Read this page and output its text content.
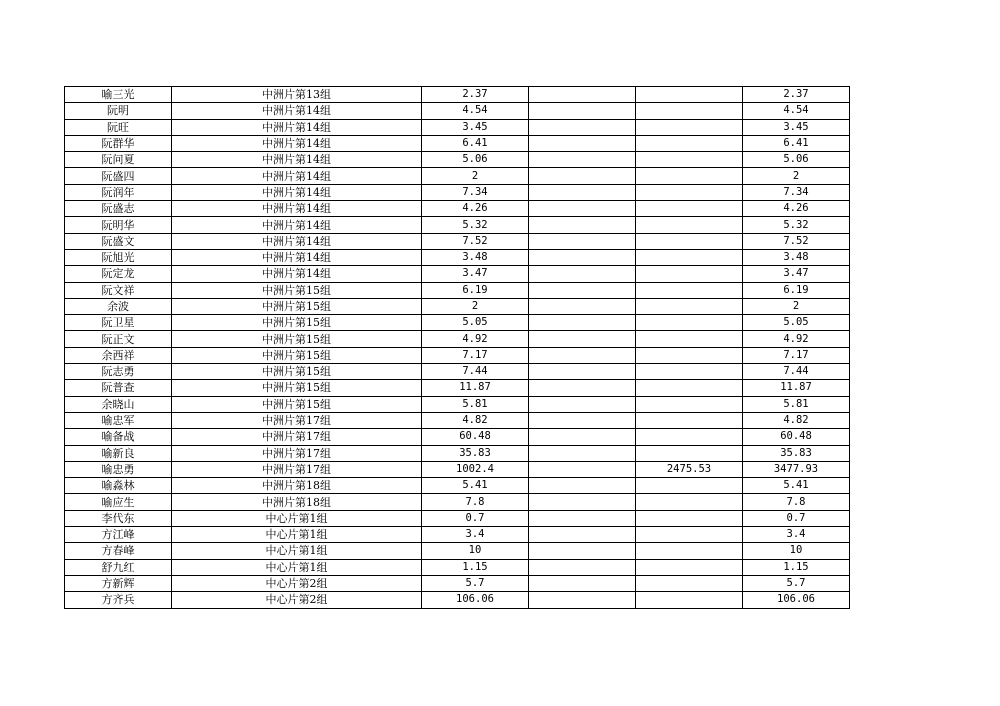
喻三光	中洲片第13组	2.37			2.37
阮明	中洲片第14组	4.54			4.54
阮旺	中洲片第14组	3.45			3.45
阮群华	中洲片第14组	6.41			6.41
阮问夏	中洲片第14组	5.06			5.06
阮盛四	中洲片第14组	2			2
阮润年	中洲片第14组	7.34			7.34
阮盛志	中洲片第14组	4.26			4.26
阮明华	中洲片第14组	5.32			5.32
阮盛文	中洲片第14组	7.52			7.52
阮旭光	中洲片第14组	3.48			3.48
阮定龙	中洲片第14组	3.47			3.47
阮文祥	中洲片第15组	6.19			6.19
余波	中洲片第15组	2			2
阮卫星	中洲片第15组	5.05			5.05
阮正文	中洲片第15组	4.92			4.92
余西祥	中洲片第15组	7.17			7.17
阮志勇	中洲片第15组	7.44			7.44
阮普查	中洲片第15组	11.87			11.87
余晓山	中洲片第15组	5.81			5.81
喻忠军	中洲片第17组	4.82			4.82
喻备战	中洲片第17组	60.48			60.48
喻新良	中洲片第17组	35.83			35.83
喻忠勇	中洲片第17组	1002.4		2475.53	3477.93
喻淼林	中洲片第18组	5.41			5.41
喻应生	中洲片第18组	7.8			7.8
李代东	中心片第1组	0.7			0.7
方江峰	中心片第1组	3.4			3.4
方春峰	中心片第1组	10			10
舒九红	中心片第1组	1.15			1.15
方新辉	中心片第2组	5.7			5.7
方齐兵	中心片第2组	106.06			106.06
